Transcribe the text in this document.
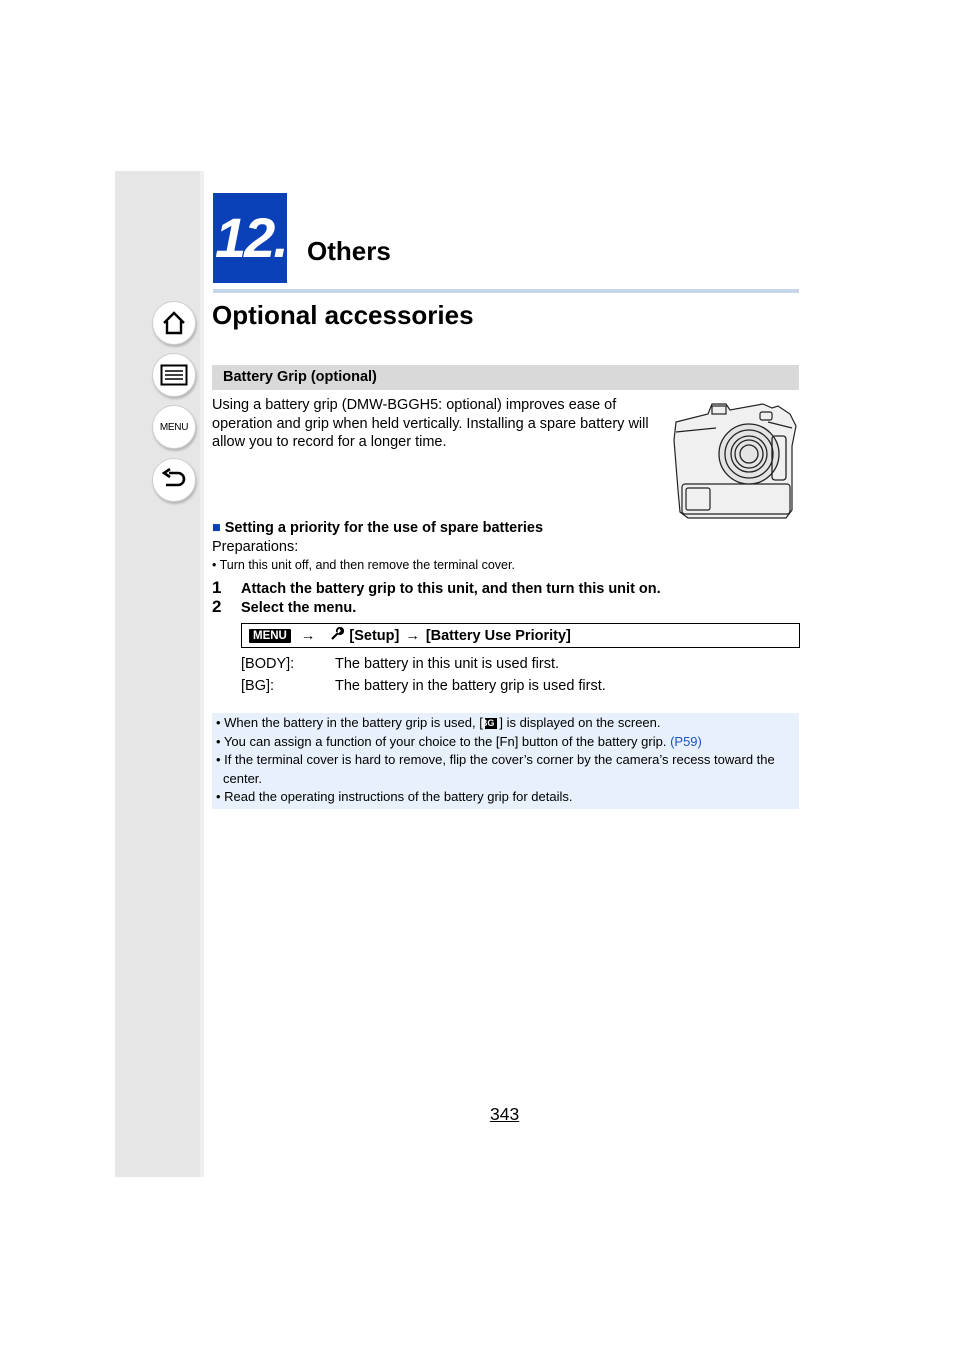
MENU
12. Others
Optional accessories
Battery Grip (optional)
Using a battery grip (DMW-BGGH5: optional) improves ease of operation and grip when held vertically. Installing a spare battery will allow you to record for a longer time.
■ Setting a priority for the use of spare batteries
Preparations:
• Turn this unit off, and then remove the terminal cover.
1 Attach the battery grip to this unit, and then turn this unit on.
2 Select the menu.
MENU → [Setup] → [Battery Use Priority]
[BODY]:	The battery in this unit is used first.
[BG]:	The battery in the battery grip is used first.
• When the battery in the battery grip is used, [BG ] is displayed on the screen.
• You can assign a function of your choice to the [Fn] button of the battery grip. (P59)
• If the terminal cover is hard to remove, flip the cover’s corner by the camera’s recess toward the center.
• Read the operating instructions of the battery grip for details.
343
